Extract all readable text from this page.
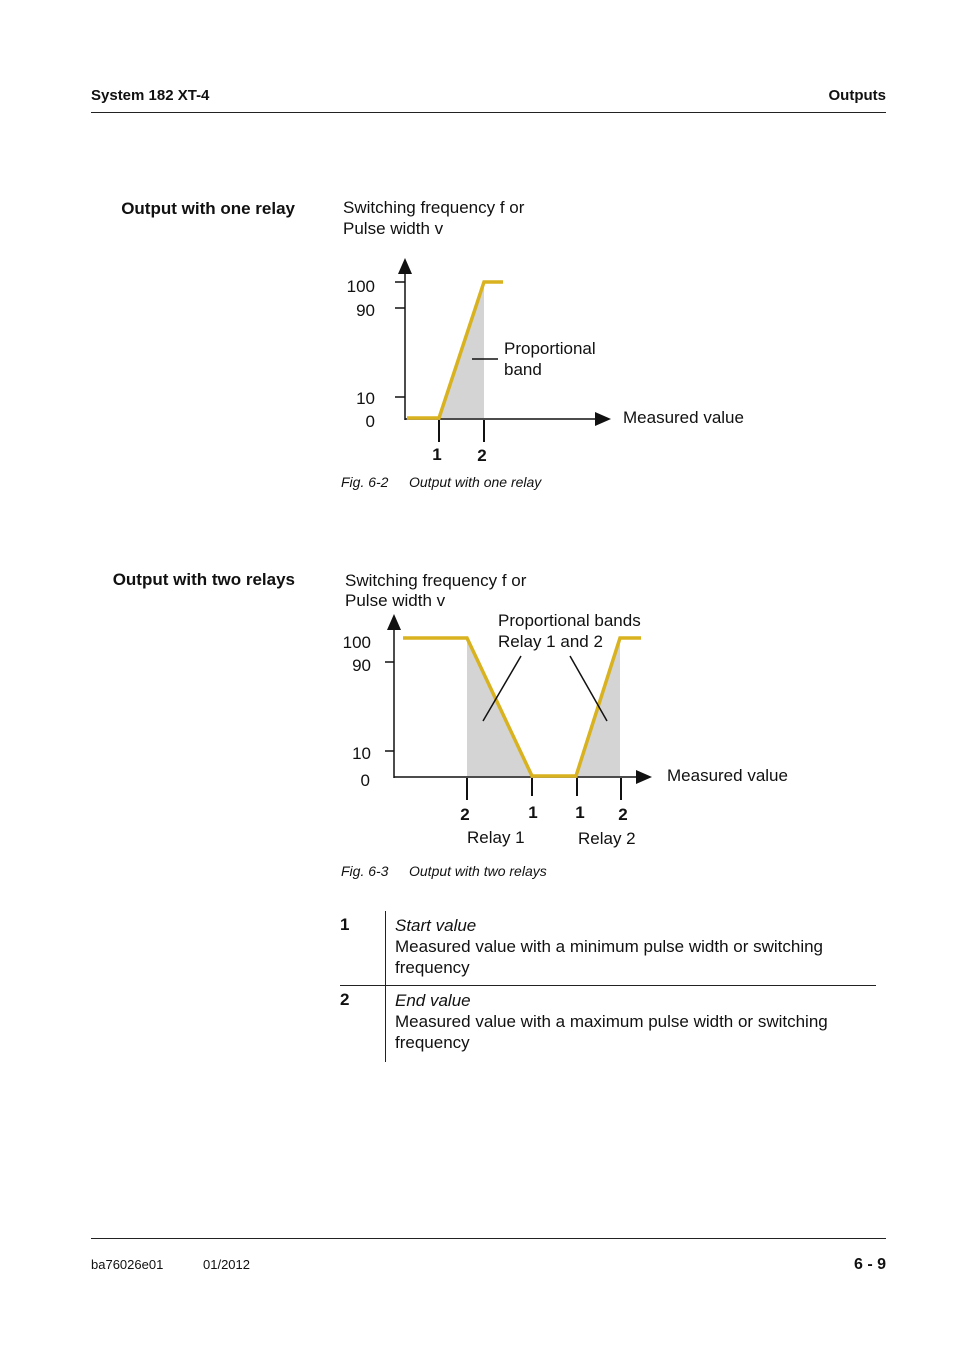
System 182 XT-4	Outputs
Output with one relay	Switching frequency f or
Pulse width v
100
90
10
0
1 2
Proportional
band
Measured value
Fig. 6-2 Output with one relay
Output with two relays	Switching frequency f or
Pulse width v
100
90
10
0
2	1 1 2
Proportional bands
Relay 1 and 2
Measured value
Relay 1	Relay 2
Fig. 6-3 Output with two relays
1	Start value
Measured value with a minimum pulse width or switching frequency
2	End value
Measured value with a maximum pulse width or switching frequency
ba76026e01	01/2012	6 - 9
